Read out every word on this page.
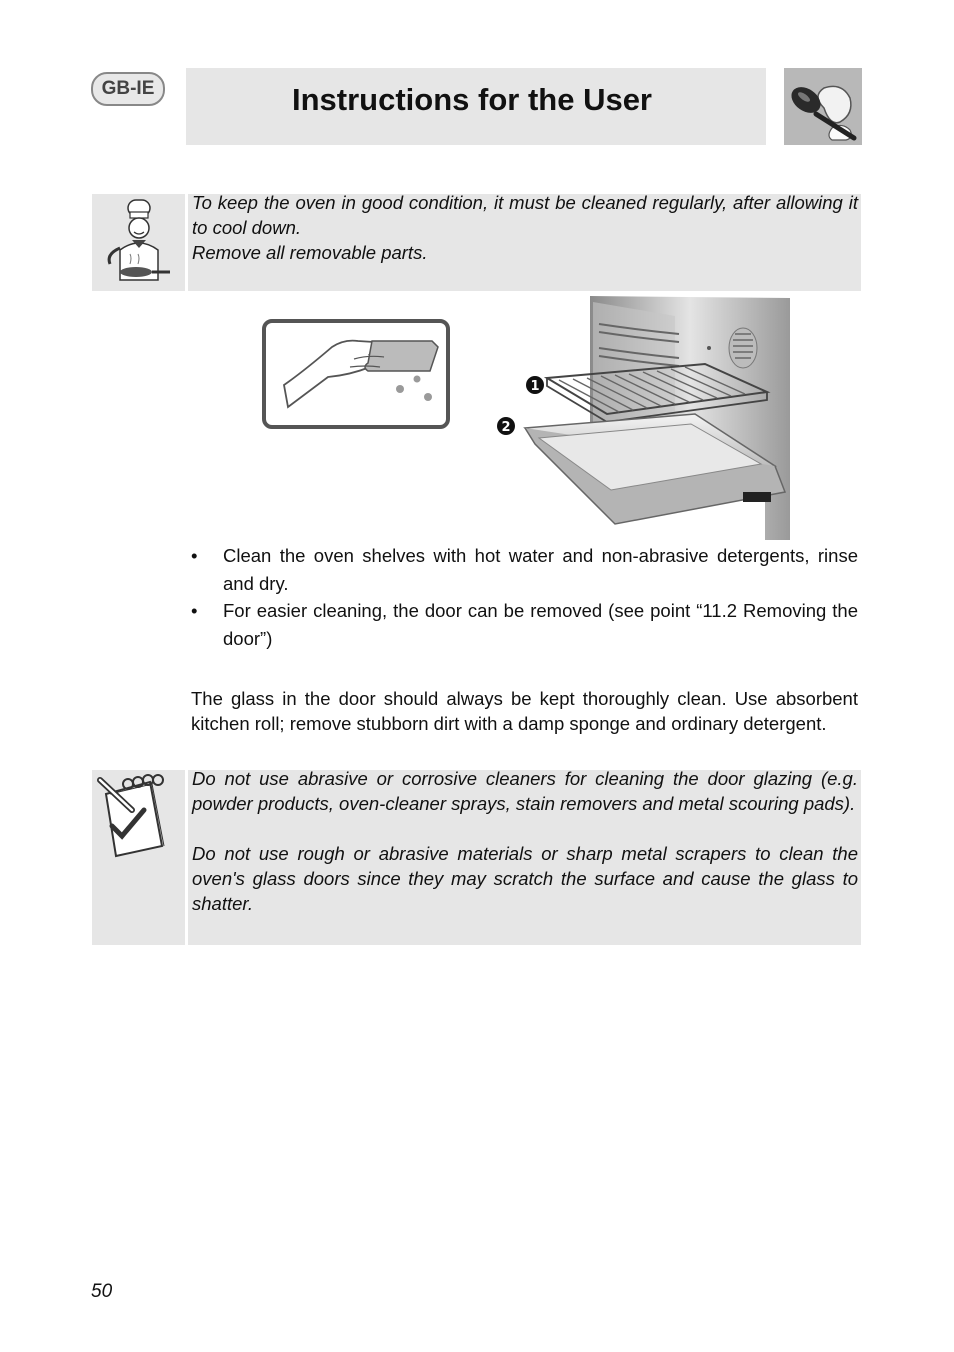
GB-IE	Instructions for the User
To keep the oven in good condition, it must be cleaned regularly, after allowing it to cool down.
Remove all removable parts.
1
2
• Clean the oven shelves with hot water and non-abrasive detergents, rinse and dry.
• For easier cleaning, the door can be removed (see point “11.2 Removing the door”)
The glass in the door should always be kept thoroughly clean. Use absorbent kitchen roll; remove stubborn dirt with a damp sponge and ordinary detergent.
Do not use abrasive or corrosive cleaners for cleaning the door glazing (e.g. powder products, oven-cleaner sprays, stain removers and metal scouring pads).
Do not use rough or abrasive materials or sharp metal scrapers to clean the oven's glass doors since they may scratch the surface and cause the glass to shatter.
50
